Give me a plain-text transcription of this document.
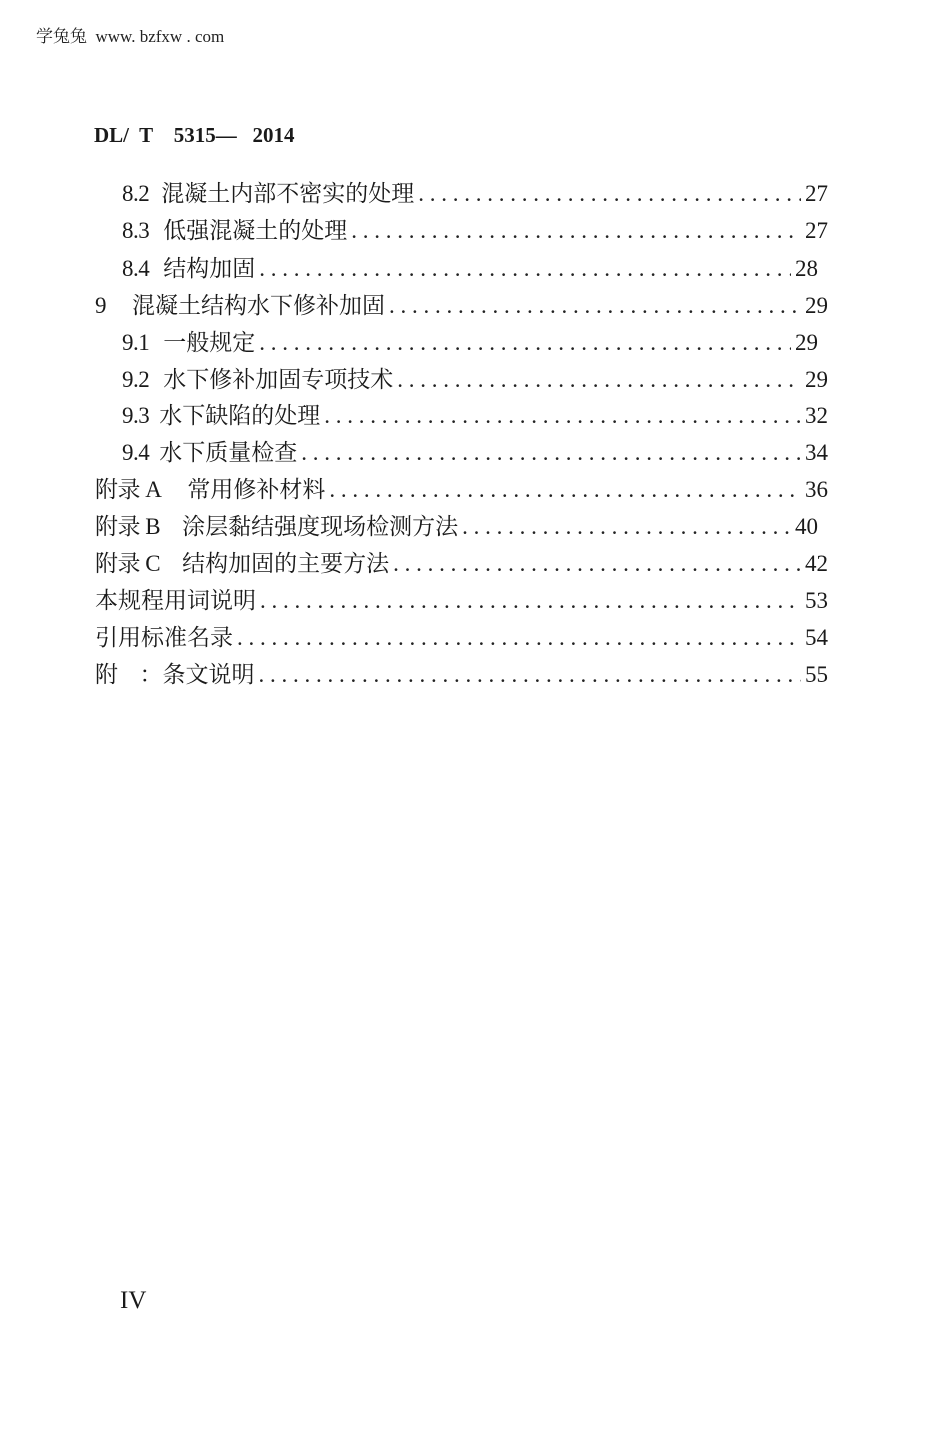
学兔兔  www. bzfxw . com
DL/  T    5315—   2014
8.2 混凝土内部不密实的处理 . . .	27
8.3 低强混凝土的处理 . . .	27
8.4 结构加固 . . .	28
9 混凝土结构水下修补加固 . . .	29
9.1 一般规定 . . .	29
9.2 水下修补加固专项技术 . . .	29
9.3 水下缺陷的处理 . . .	32
9.4 水下质量检查 . . .	34
附录 A 常用修补材料 . . .	36
附录 B 涂层黏结强度现场检测方法 . . .	40
附录 C 结构加固的主要方法 . . .	42
本规程用词说明 . . .	53
引用标准名录 . . .	54
附 ：条文说明 . . .	55
IV
